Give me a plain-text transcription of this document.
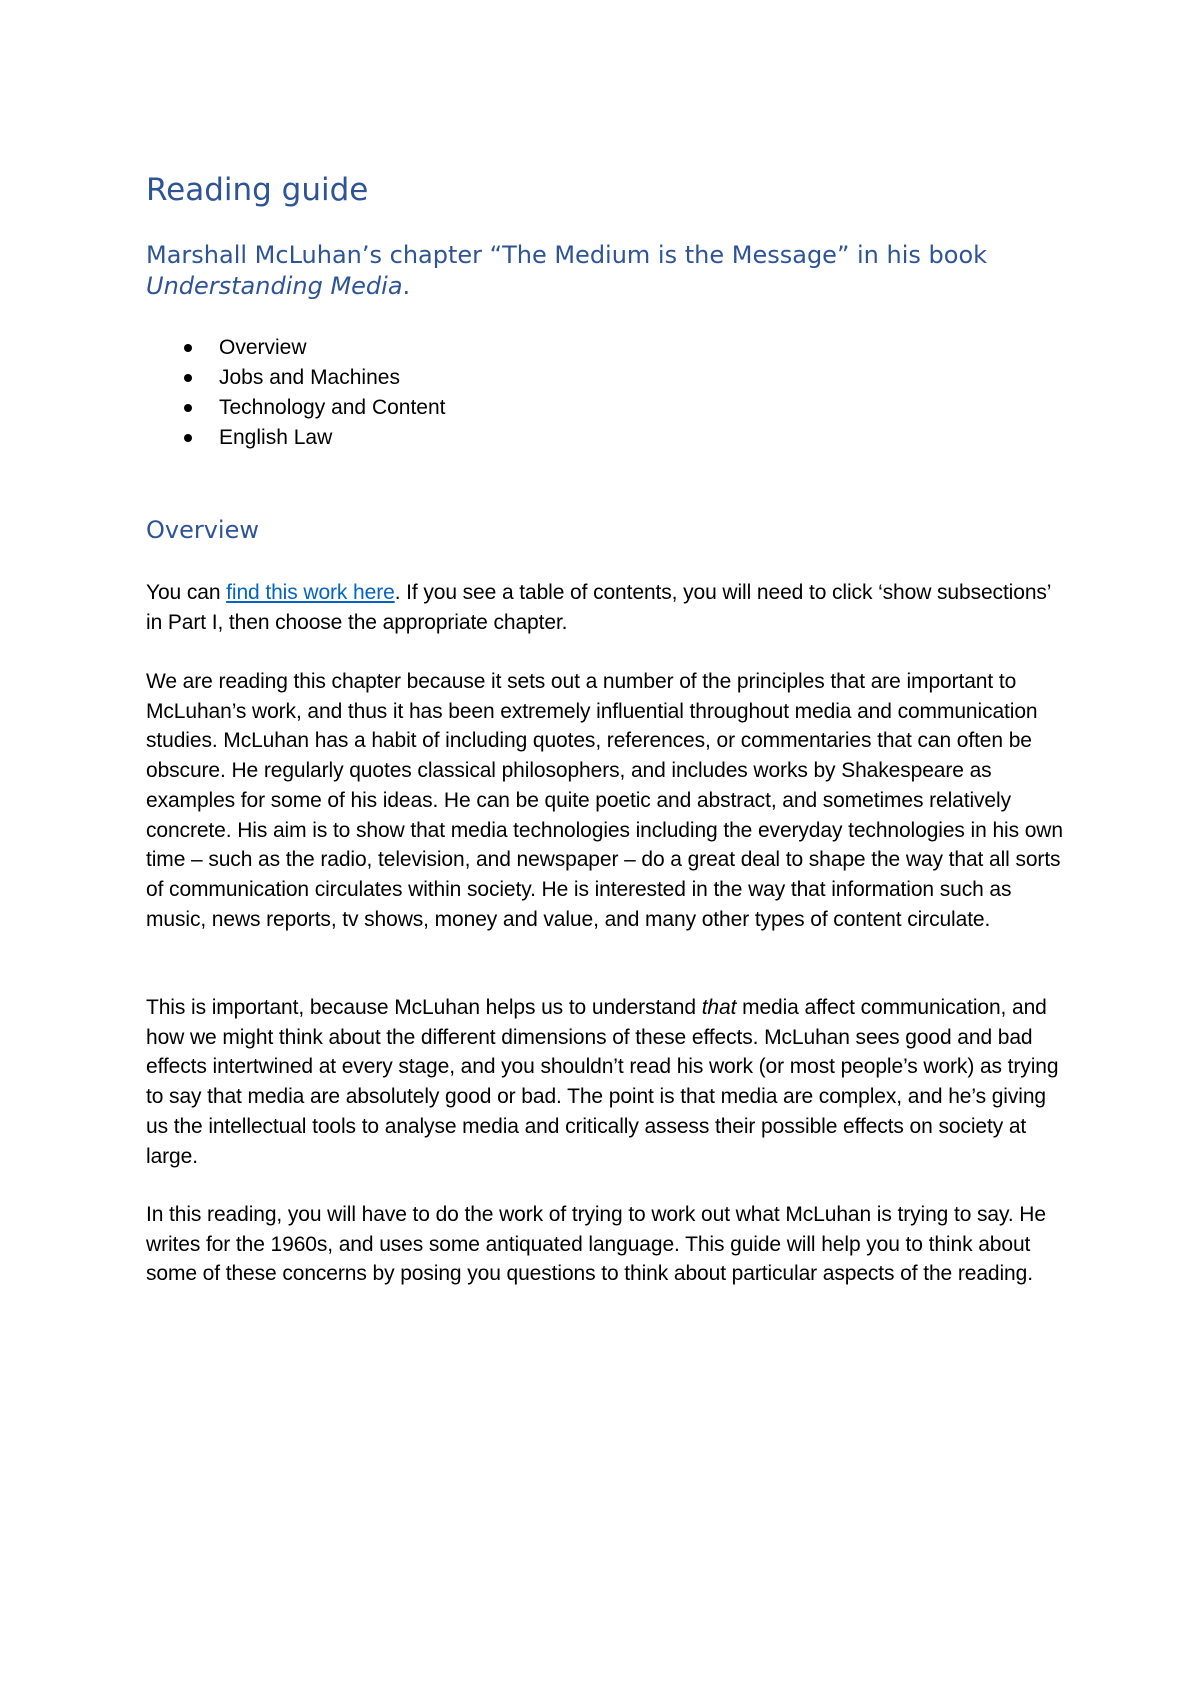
Reading guide
Marshall McLuhan’s chapter “The Medium is the Message” in his book Understanding Media.
Overview
Jobs and Machines
Technology and Content
English Law
Overview

You can find this work here. If you see a table of contents, you will need to click ‘show subsections’ in Part I, then choose the appropriate chapter.

We are reading this chapter because it sets out a number of the principles that are important to McLuhan’s work, and thus it has been extremely influential throughout media and communication studies. McLuhan has a habit of including quotes, references, or commentaries that can often be obscure. He regularly quotes classical philosophers, and includes works by Shakespeare as examples for some of his ideas. He can be quite poetic and abstract, and sometimes relatively concrete. His aim is to show that media technologies including the everyday technologies in his own time – such as the radio, television, and newspaper – do a great deal to shape the way that all sorts of communication circulates within society. He is interested in the way that information such as music, news reports, tv shows, money and value, and many other types of content circulate.

This is important, because McLuhan helps us to understand that media affect communication, and how we might think about the different dimensions of these effects. McLuhan sees good and bad effects intertwined at every stage, and you shouldn’t read his work (or most people’s work) as trying to say that media are absolutely good or bad. The point is that media are complex, and he’s giving us the intellectual tools to analyse media and critically assess their possible effects on society at large.

In this reading, you will have to do the work of trying to work out what McLuhan is trying to say. He writes for the 1960s, and uses some antiquated language. This guide will help you to think about some of these concerns by posing you questions to think about particular aspects of the reading.
